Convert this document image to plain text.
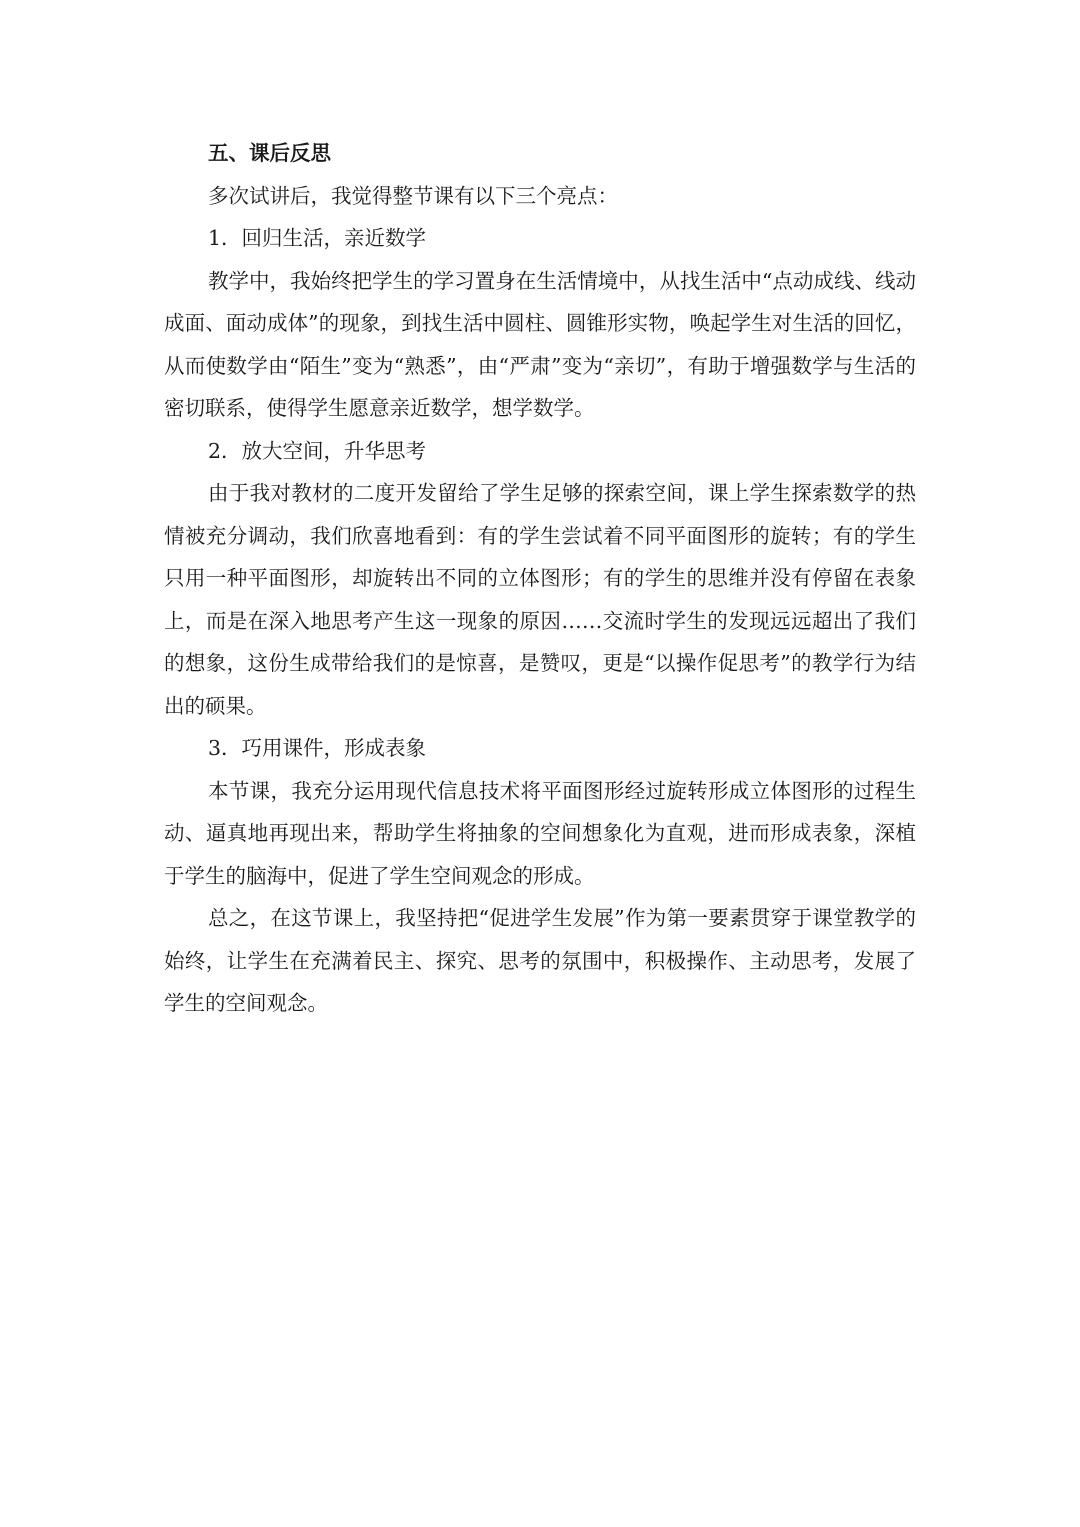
五、课后反思

多次试讲后，我觉得整节课有以下三个亮点：

1．回归生活，亲近数学

教学中，我始终把学生的学习置身在生活情境中，从找生活中“点动成线、线动成面、面动成体”的现象，到找生活中圆柱、圆锥形实物，唤起学生对生活的回忆，从而使数学由“陌生”变为“熟悉”，由“严肃”变为“亲切”，有助于增强数学与生活的密切联系，使得学生愿意亲近数学，想学数学。

2．放大空间，升华思考

由于我对教材的二度开发留给了学生足够的探索空间，课上学生探索数学的热情被充分调动，我们欣喜地看到：有的学生尝试着不同平面图形的旋转；有的学生只用一种平面图形，却旋转出不同的立体图形；有的学生的思维并没有停留在表象上，而是在深入地思考产生这一现象的原因……交流时学生的发现远远超出了我们的想象，这份生成带给我们的是惊喜，是赞叹，更是“以操作促思考”的教学行为结出的硕果。

3．巧用课件，形成表象

本节课，我充分运用现代信息技术将平面图形经过旋转形成立体图形的过程生动、逼真地再现出来，帮助学生将抽象的空间想象化为直观，进而形成表象，深植于学生的脑海中，促进了学生空间观念的形成。

总之，在这节课上，我坚持把“促进学生发展”作为第一要素贯穿于课堂教学的始终，让学生在充满着民主、探究、思考的氛围中，积极操作、主动思考，发展了学生的空间观念。
